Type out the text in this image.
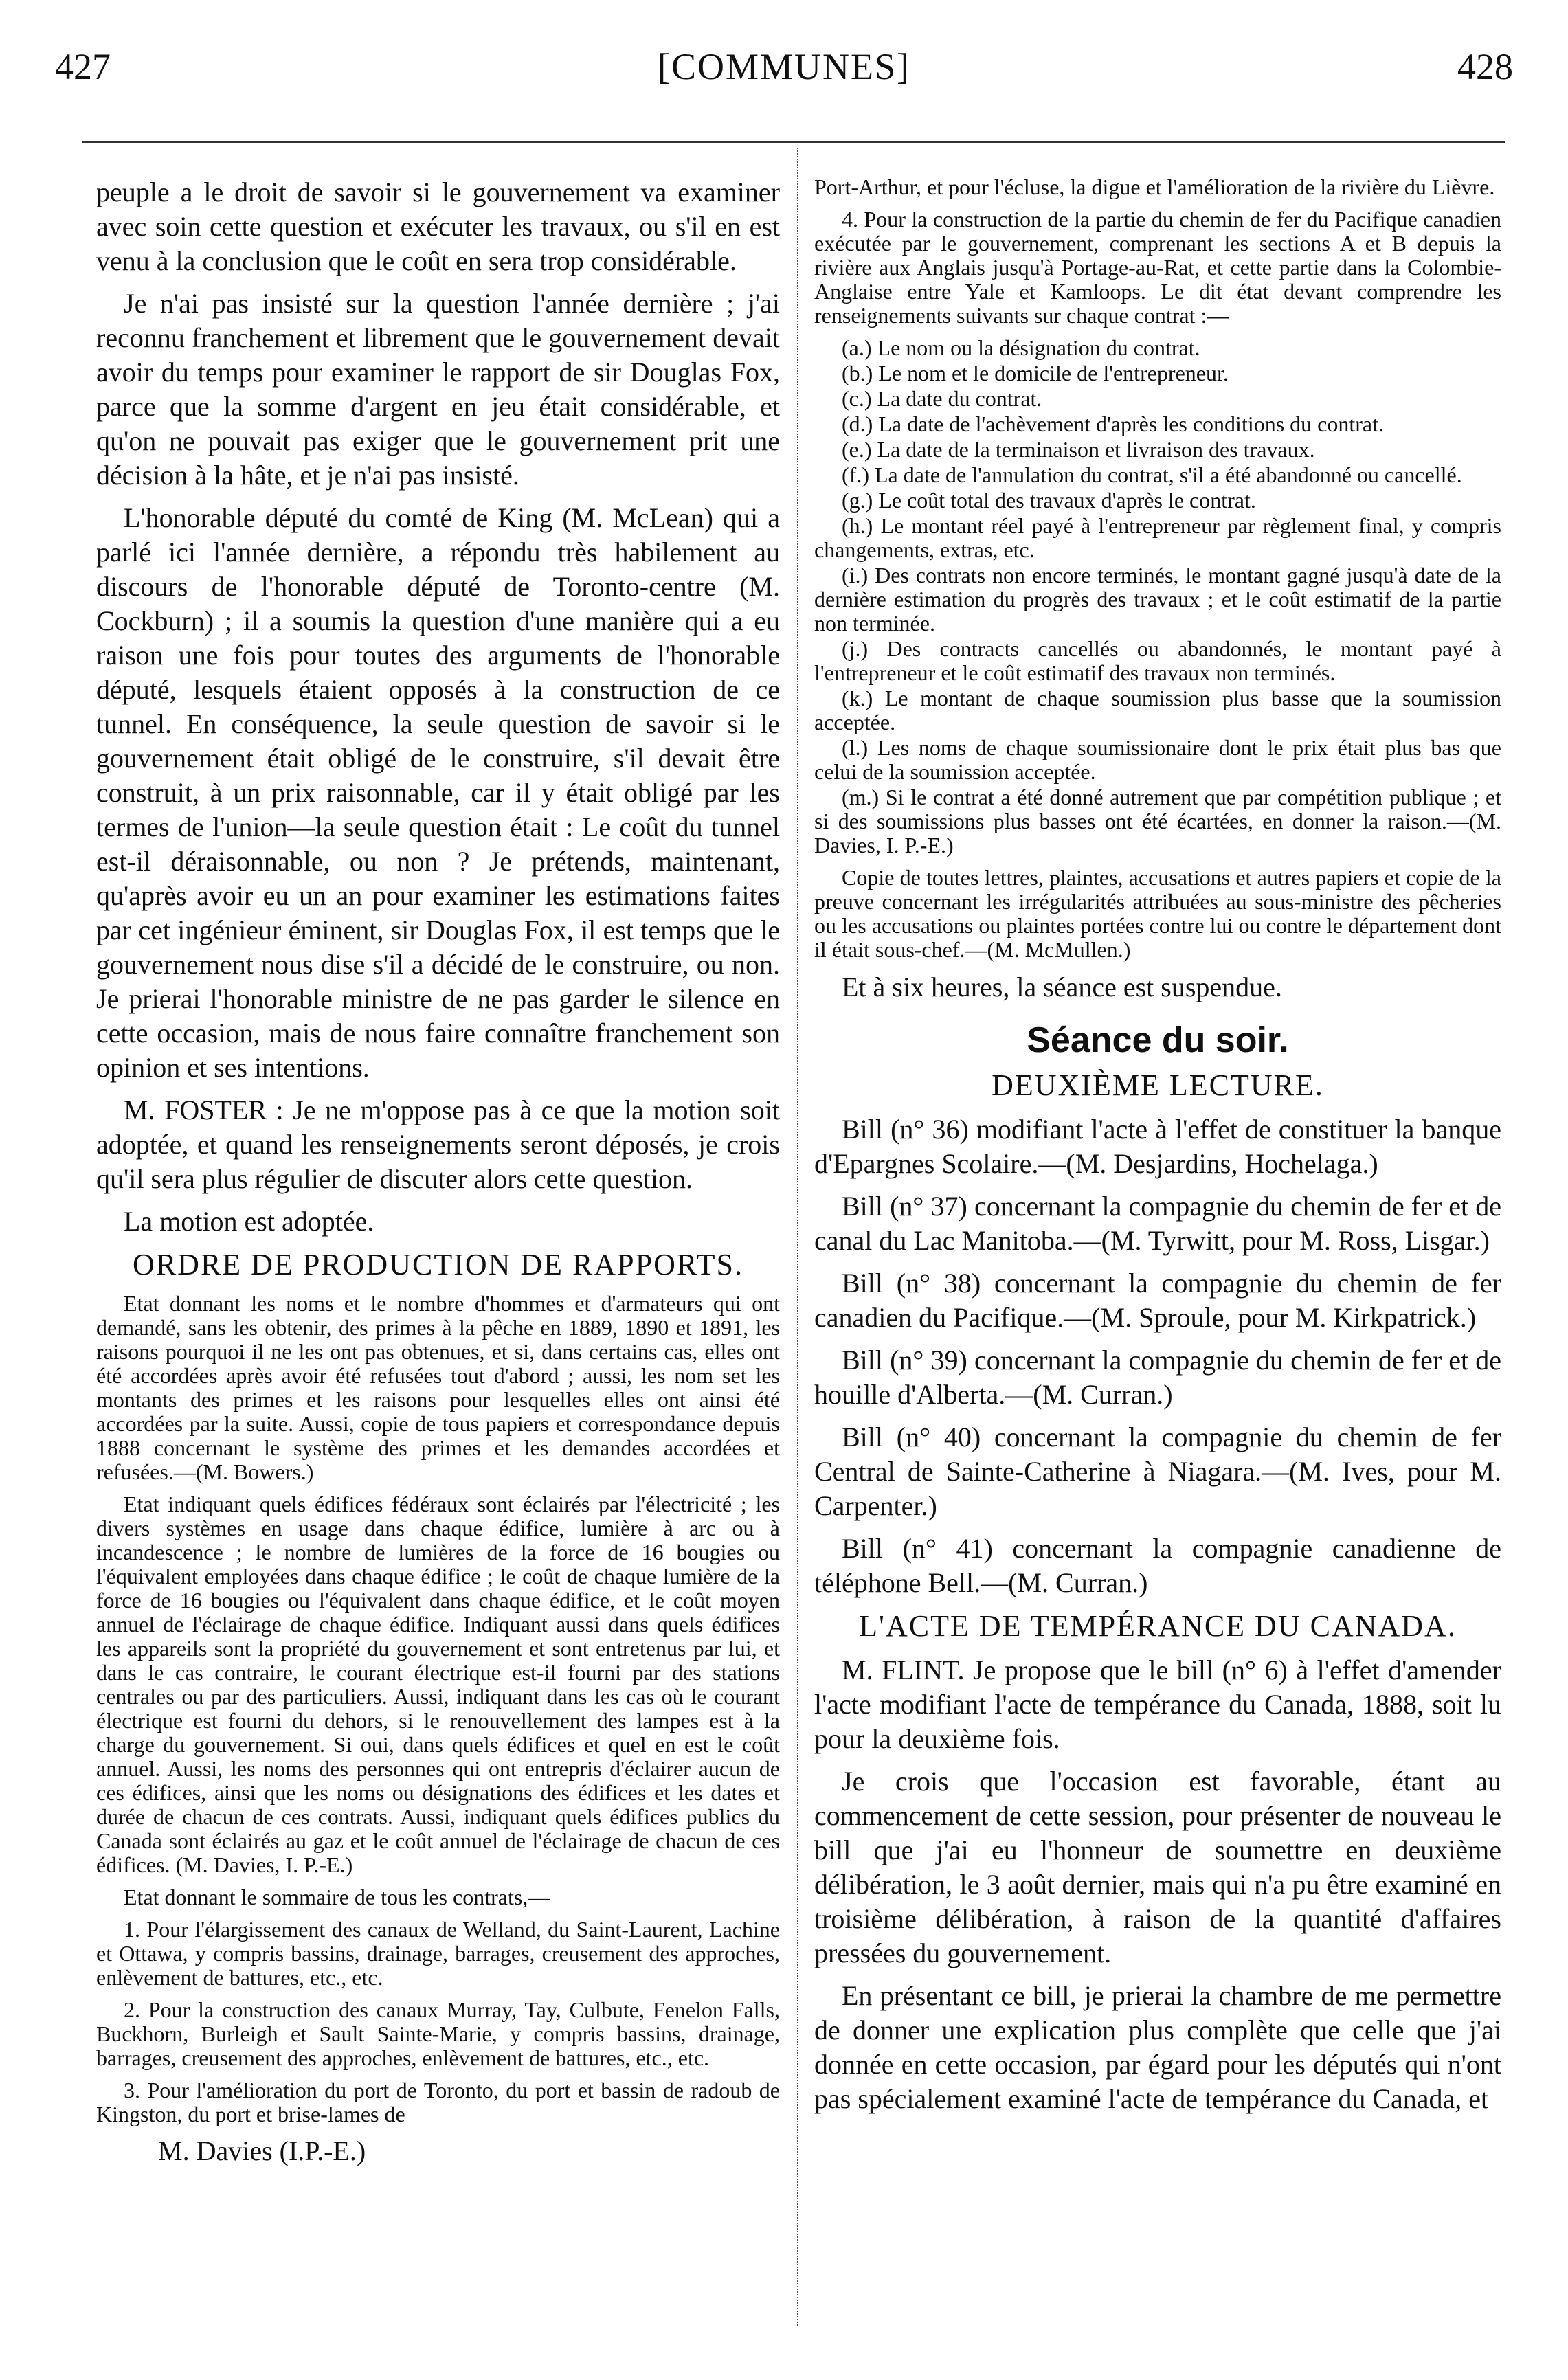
427	[COMMUNES]	428

peuple a le droit de savoir si le gouvernement va examiner avec soin cette question et exécuter les travaux, ou s'il en est venu à la conclusion que le coût en sera trop considérable.

Je n'ai pas insisté sur la question l'année dernière ; j'ai reconnu franchement et librement que le gouvernement devait avoir du temps pour examiner le rapport de sir Douglas Fox, parce que la somme d'argent en jeu était considérable, et qu'on ne pouvait pas exiger que le gouvernement prit une décision à la hâte, et je n'ai pas insisté.

L'honorable député du comté de King (M. McLean) qui a parlé ici l'année dernière, a répondu très habilement au discours de l'honorable député de Toronto-centre (M. Cockburn) ; il a soumis la question d'une manière qui a eu raison une fois pour toutes des arguments de l'honorable député, lesquels étaient opposés à la construction de ce tunnel. En conséquence, la seule question de savoir si le gouvernement était obligé de le construire, s'il devait être construit, à un prix raisonnable, car il y était obligé par les termes de l'union—la seule question était : Le coût du tunnel est-il déraisonnable, ou non ? Je prétends, maintenant, qu'après avoir eu un an pour examiner les estimations faites par cet ingénieur éminent, sir Douglas Fox, il est temps que le gouvernement nous dise s'il a décidé de le construire, ou non. Je prierai l'honorable ministre de ne pas garder le silence en cette occasion, mais de nous faire connaître franchement son opinion et ses intentions.

M. FOSTER : Je ne m'oppose pas à ce que la motion soit adoptée, et quand les renseignements seront déposés, je crois qu'il sera plus régulier de discuter alors cette question.

La motion est adoptée.

ORDRE DE PRODUCTION DE RAPPORTS.

Etat donnant les noms et le nombre d'hommes et d'armateurs qui ont demandé, sans les obtenir, des primes à la pêche en 1889, 1890 et 1891, les raisons pourquoi il ne les ont pas obtenues, et si, dans certains cas, elles ont été accordées après avoir été refusées tout d'abord ; aussi, les nom set les montants des primes et les raisons pour lesquelles elles ont ainsi été accordées par la suite. Aussi, copie de tous papiers et correspondance depuis 1888 concernant le système des primes et les demandes accordées et refusées.—(M. Bowers.)

Etat indiquant quels édifices fédéraux sont éclairés par l'électricité ; les divers systèmes en usage dans chaque édifice, lumière à arc ou à incandescence ; le nombre de lumières de la force de 16 bougies ou l'équivalent employées dans chaque édifice ; le coût de chaque lumière de la force de 16 bougies ou l'équivalent dans chaque édifice, et le coût moyen annuel de l'éclairage de chaque édifice. Indiquant aussi dans quels édifices les appareils sont la propriété du gouvernement et sont entretenus par lui, et dans le cas contraire, le courant électrique est-il fourni par des stations centrales ou par des particuliers. Aussi, indiquant dans les cas où le courant électrique est fourni du dehors, si le renouvellement des lampes est à la charge du gouvernement. Si oui, dans quels édifices et quel en est le coût annuel. Aussi, les noms des personnes qui ont entrepris d'éclairer aucun de ces édifices, ainsi que les noms ou désignations des édifices et les dates et durée de chacun de ces contrats. Aussi, indiquant quels édifices publics du Canada sont éclairés au gaz et le coût annuel de l'éclairage de chacun de ces édifices. (M. Davies, I. P.-E.)

Etat donnant le sommaire de tous les contrats,—

1. Pour l'élargissement des canaux de Welland, du Saint-Laurent, Lachine et Ottawa, y compris bassins, drainage, barrages, creusement des approches, enlèvement de battures, etc., etc.

2. Pour la construction des canaux Murray, Tay, Culbute, Fenelon Falls, Buckhorn, Burleigh et Sault Sainte-Marie, y compris bassins, drainage, barrages, creusement des approches, enlèvement de battures, etc., etc.

3. Pour l'amélioration du port de Toronto, du port et bassin de radoub de Kingston, du port et brise-lames de

M. Davies (I.P.-E.)

Port-Arthur, et pour l'écluse, la digue et l'amélioration de la rivière du Lièvre.

4. Pour la construction de la partie du chemin de fer du Pacifique canadien exécutée par le gouvernement, comprenant les sections A et B depuis la rivière aux Anglais jusqu'à Portage-au-Rat, et cette partie dans la Colombie-Anglaise entre Yale et Kamloops. Le dit état devant comprendre les renseignements suivants sur chaque contrat :—

(a.) Le nom ou la désignation du contrat.

(b.) Le nom et le domicile de l'entrepreneur.

(c.) La date du contrat.

(d.) La date de l'achèvement d'après les conditions du contrat.

(e.) La date de la terminaison et livraison des travaux.

(f.) La date de l'annulation du contrat, s'il a été abandonné ou cancellé.

(g.) Le coût total des travaux d'après le contrat.

(h.) Le montant réel payé à l'entrepreneur par règlement final, y compris changements, extras, etc.

(i.) Des contrats non encore terminés, le montant gagné jusqu'à date de la dernière estimation du progrès des travaux ; et le coût estimatif de la partie non terminée.

(j.) Des contracts cancellés ou abandonnés, le montant payé à l'entrepreneur et le coût estimatif des travaux non terminés.

(k.) Le montant de chaque soumission plus basse que la soumission acceptée.

(l.) Les noms de chaque soumissionaire dont le prix était plus bas que celui de la soumission acceptée.

(m.) Si le contrat a été donné autrement que par compétition publique ; et si des soumissions plus basses ont été écartées, en donner la raison.—(M. Davies, I. P.-E.)

Copie de toutes lettres, plaintes, accusations et autres papiers et copie de la preuve concernant les irrégularités attribuées au sous-ministre des pêcheries ou les accusations ou plaintes portées contre lui ou contre le département dont il était sous-chef.—(M. McMullen.)

Et à six heures, la séance est suspendue.

Séance du soir.
DEUXIÈME LECTURE.

Bill (n° 36) modifiant l'acte à l'effet de constituer la banque d'Epargnes Scolaire.—(M. Desjardins, Hochelaga.)

Bill (n° 37) concernant la compagnie du chemin de fer et de canal du Lac Manitoba.—(M. Tyrwitt, pour M. Ross, Lisgar.)

Bill (n° 38) concernant la compagnie du chemin de fer canadien du Pacifique.—(M. Sproule, pour M. Kirkpatrick.)

Bill (n° 39) concernant la compagnie du chemin de fer et de houille d'Alberta.—(M. Curran.)

Bill (n° 40) concernant la compagnie du chemin de fer Central de Sainte-Catherine à Niagara.—(M. Ives, pour M. Carpenter.)

Bill (n° 41) concernant la compagnie canadienne de téléphone Bell.—(M. Curran.)

L'ACTE DE TEMPÉRANCE DU CANADA.

M. FLINT. Je propose que le bill (n° 6) à l'effet d'amender l'acte modifiant l'acte de tempérance du Canada, 1888, soit lu pour la deuxième fois.

Je crois que l'occasion est favorable, étant au commencement de cette session, pour présenter de nouveau le bill que j'ai eu l'honneur de soumettre en deuxième délibération, le 3 août dernier, mais qui n'a pu être examiné en troisième délibération, à raison de la quantité d'affaires pressées du gouvernement.

En présentant ce bill, je prierai la chambre de me permettre de donner une explication plus complète que celle que j'ai donnée en cette occasion, par égard pour les députés qui n'ont pas spécialement examiné l'acte de tempérance du Canada, et
